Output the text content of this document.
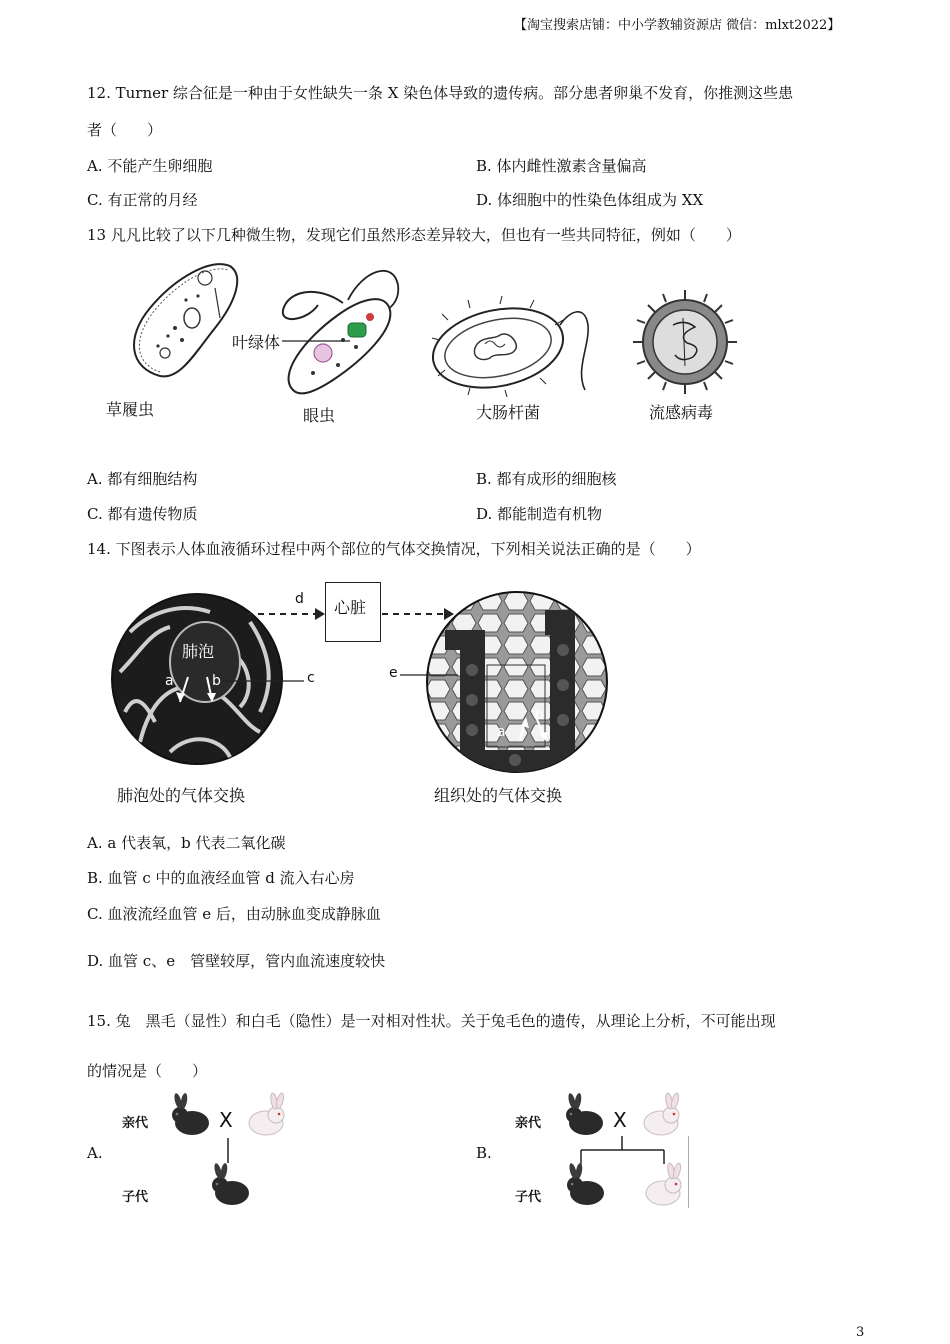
【淘宝搜索店铺：中小学教辅资源店 微信：mlxt2022】
12. Turner 综合征是一种由于女性缺失一条 X 染色体导致的遗传病。部分患者卵巢不发育，你推测这些患
者（　　）
A. 不能产生卵细胞	B. 体内雌性激素含量偏高
C. 有正常的月经	D. 体细胞中的性染色体组成为 XX
13 凡凡比较了以下几种微生物，发现它们虽然形态差异较大，但也有一些共同特征，例如（　　）
草履虫
叶绿体
眼虫	大肠杆菌	流感病毒
A. 都有细胞结构	B. 都有成形的细胞核
C. 都有遗传物质	D. 都能制造有机物
14. 下图表示人体血液循环过程中两个部位的气体交换情况，下列相关说法正确的是（　　）
肺泡
a	b	c
d 心脏
a
b
e
肺泡处的气体交换	组织处的气体交换
A. a 代表氧，b 代表二氧化碳
B. 血管 c 中的血液经血管 d 流入右心房
C. 血液流经血管 e 后，由动脉血变成静脉血
D. 血管 c、e　管壁较厚，管内血流速度较快
15. 兔　黑毛（显性）和白毛（隐性）是一对相对性状。关于兔毛色的遗传，从理论上分析，不可能出现
的情况是（　　）
A.
亲代
子代
X
B.
亲代
子代
X
3
